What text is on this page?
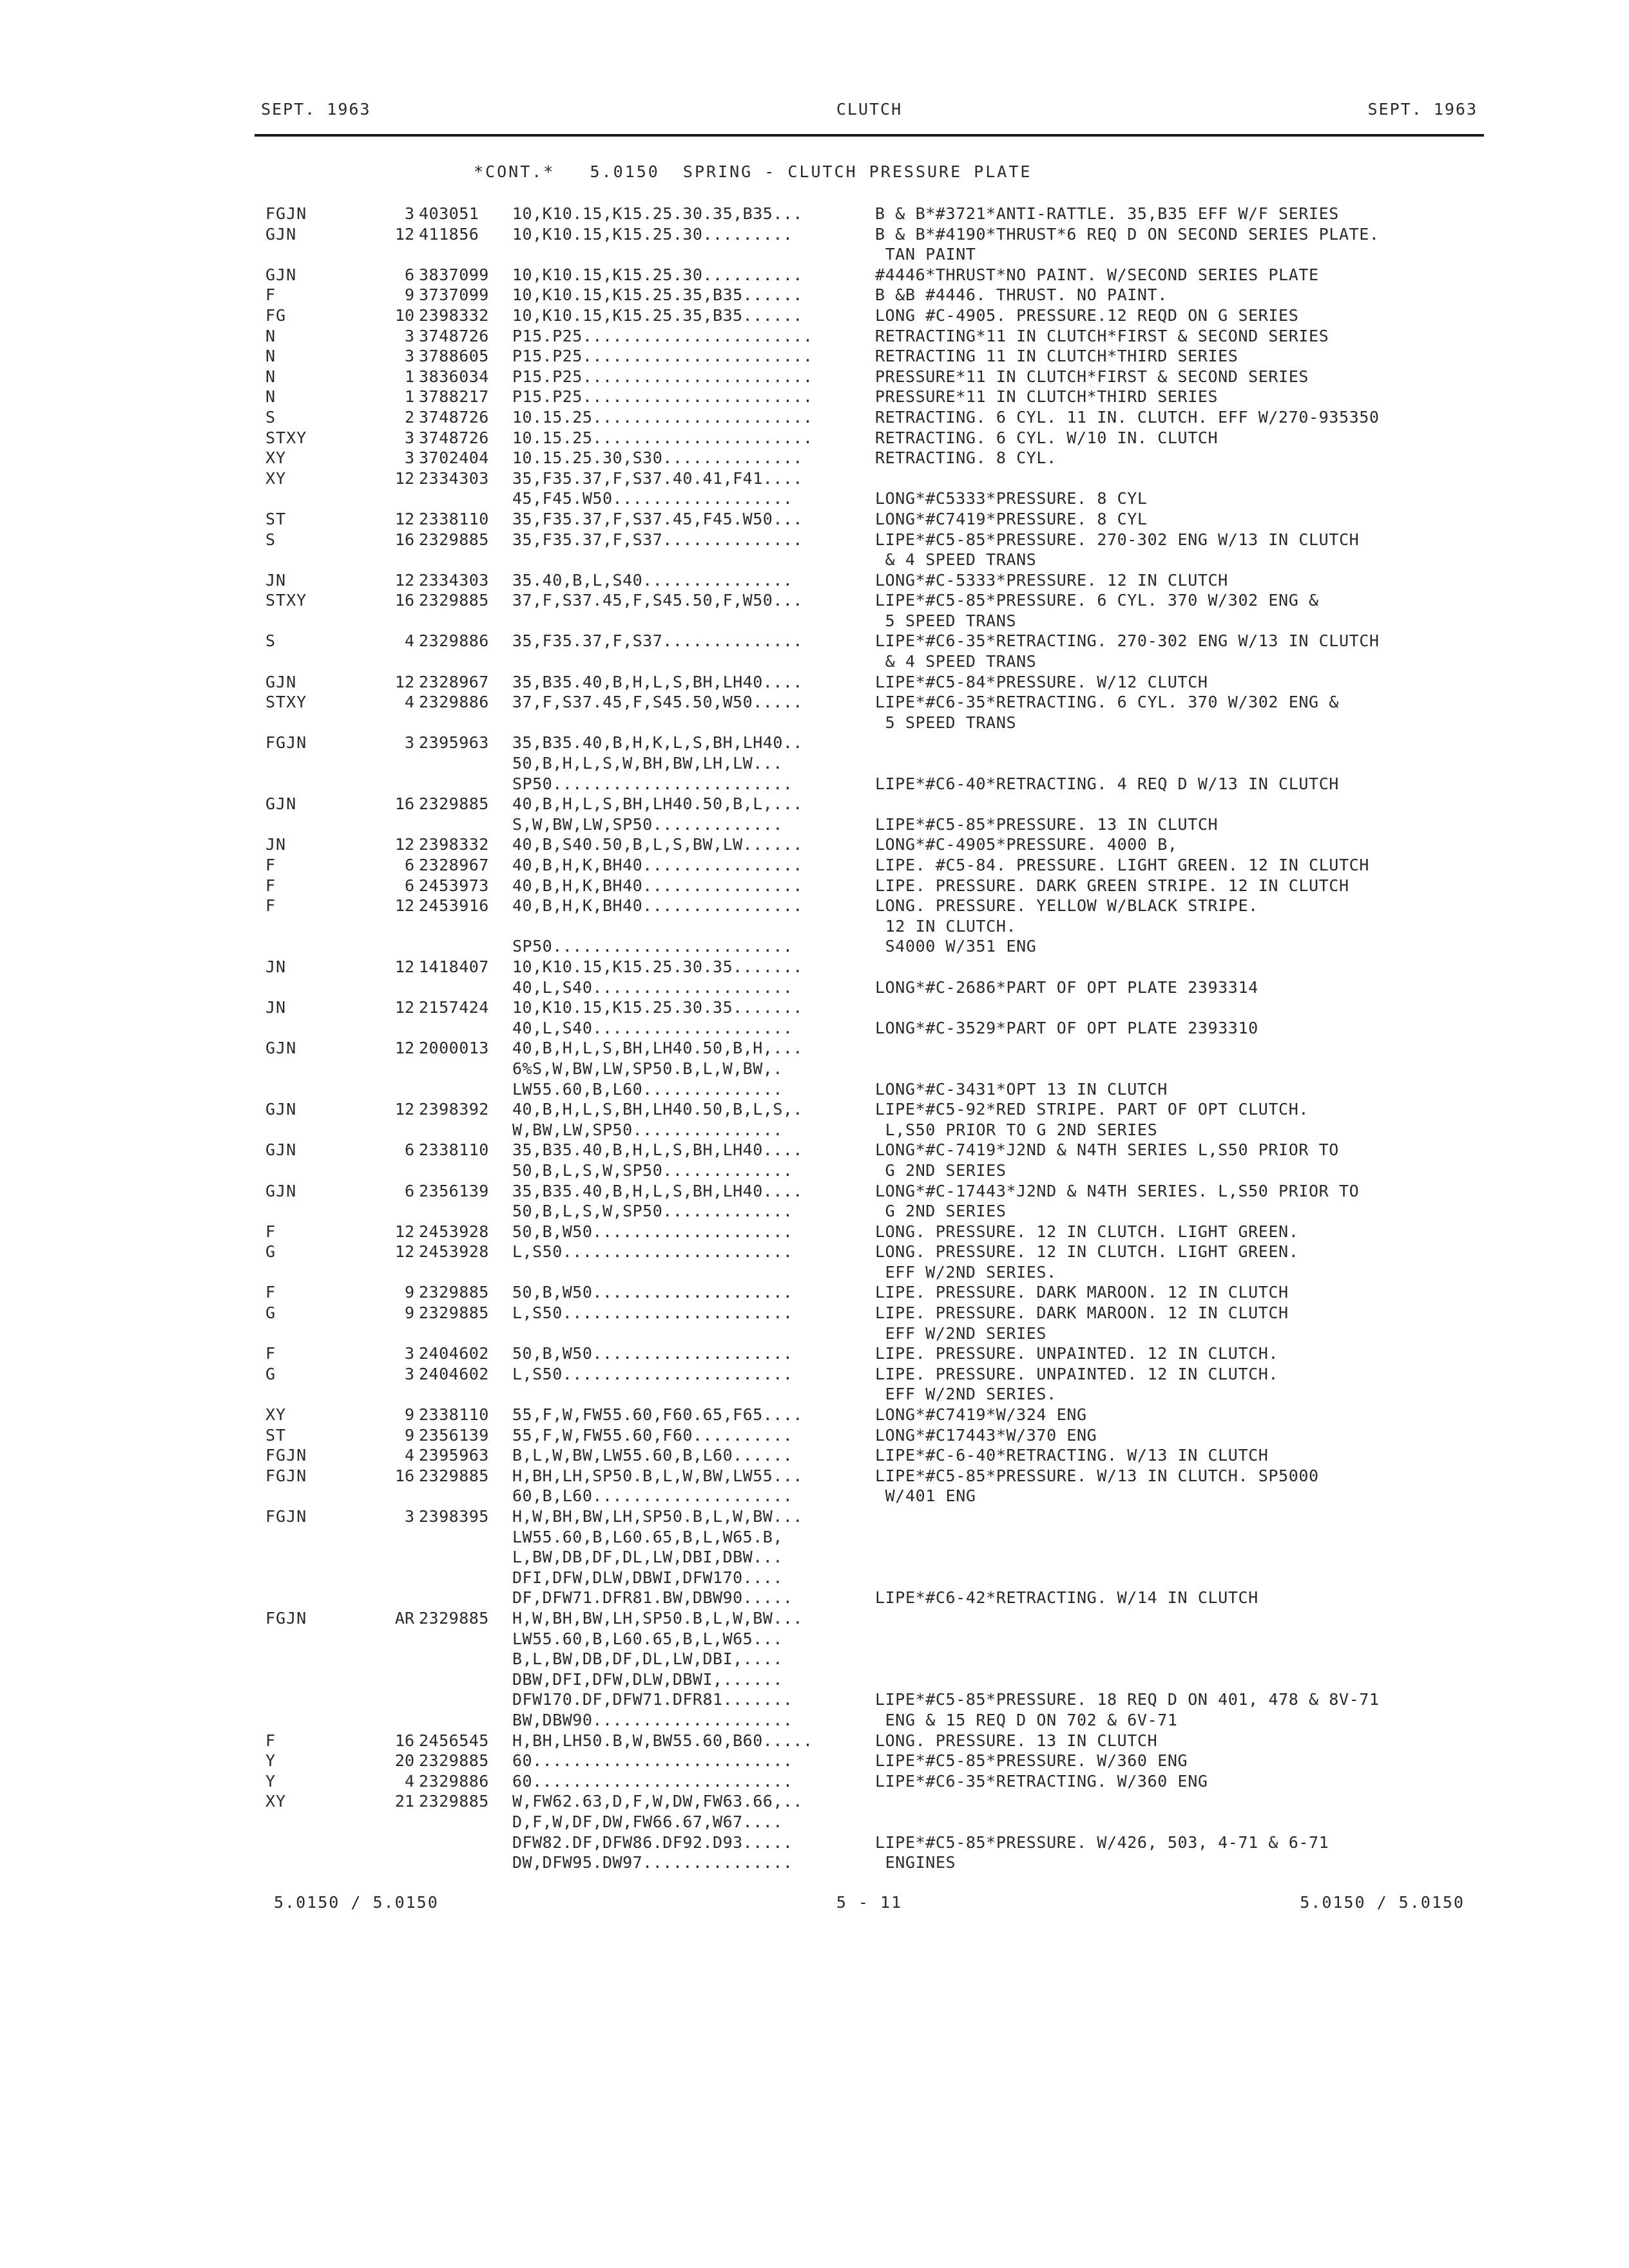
SEPT. 1963	CLUTCH	SEPT. 1963
*CONT.*   5.0150  SPRING - CLUTCH PRESSURE PLATE
FGJN	3 403051 10,K10.15,K15.25.30.35,B35...	B & B*#3721*ANTI-RATTLE. 35,B35 EFF W/F SERIES
GJN	12 411856 10,K10.15,K15.25.30.........	B & B*#4190*THRUST*6 REQ D ON SECOND SERIES PLATE.
TAN PAINT
GJN	6 3837099 10,K10.15,K15.25.30..........	#4446*THRUST*NO PAINT. W/SECOND SERIES PLATE
F	9 3737099 10,K10.15,K15.25.35,B35......	B &B #4446. THRUST. NO PAINT.
FG	10 2398332 10,K10.15,K15.25.35,B35......	LONG #C-4905. PRESSURE.12 REQD ON G SERIES
N	3 3748726 P15.P25.......................	RETRACTING*11 IN CLUTCH*FIRST & SECOND SERIES
N	3 3788605 P15.P25.......................	RETRACTING 11 IN CLUTCH*THIRD SERIES
N	1 3836034 P15.P25.......................	PRESSURE*11 IN CLUTCH*FIRST & SECOND SERIES
N	1 3788217 P15.P25.......................	PRESSURE*11 IN CLUTCH*THIRD SERIES
S	2 3748726 10.15.25......................	RETRACTING. 6 CYL. 11 IN. CLUTCH. EFF W/270-935350
STXY	3 3748726 10.15.25......................	RETRACTING. 6 CYL. W/10 IN. CLUTCH
XY	3 3702404 10.15.25.30,S30..............	RETRACTING. 8 CYL.
XY	12 2334303 35,F35.37,F,S37.40.41,F41....
45,F45.W50..................	LONG*#C5333*PRESSURE. 8 CYL
ST	12 2338110 35,F35.37,F,S37.45,F45.W50...	LONG*#C7419*PRESSURE. 8 CYL
S	16 2329885 35,F35.37,F,S37..............	LIPE*#C5-85*PRESSURE. 270-302 ENG W/13 IN CLUTCH
& 4 SPEED TRANS
JN	12 2334303 35.40,B,L,S40...............	LONG*#C-5333*PRESSURE. 12 IN CLUTCH
STXY	16 2329885 37,F,S37.45,F,S45.50,F,W50...	LIPE*#C5-85*PRESSURE. 6 CYL. 370 W/302 ENG &
5 SPEED TRANS
S	4 2329886 35,F35.37,F,S37..............	LIPE*#C6-35*RETRACTING. 270-302 ENG W/13 IN CLUTCH
& 4 SPEED TRANS
GJN	12 2328967 35,B35.40,B,H,L,S,BH,LH40....	LIPE*#C5-84*PRESSURE. W/12 CLUTCH
STXY	4 2329886 37,F,S37.45,F,S45.50,W50.....	LIPE*#C6-35*RETRACTING. 6 CYL. 370 W/302 ENG &
5 SPEED TRANS
FGJN	3 2395963 35,B35.40,B,H,K,L,S,BH,LH40..
50,B,H,L,S,W,BH,BW,LH,LW...
SP50........................	LIPE*#C6-40*RETRACTING. 4 REQ D W/13 IN CLUTCH
GJN	16 2329885 40,B,H,L,S,BH,LH40.50,B,L,...
S,W,BW,LW,SP50.............	LIPE*#C5-85*PRESSURE. 13 IN CLUTCH
JN	12 2398332 40,B,S40.50,B,L,S,BW,LW......	LONG*#C-4905*PRESSURE. 4000 B,
F	6 2328967 40,B,H,K,BH40................	LIPE. #C5-84. PRESSURE. LIGHT GREEN. 12 IN CLUTCH
F	6 2453973 40,B,H,K,BH40................	LIPE. PRESSURE. DARK GREEN STRIPE. 12 IN CLUTCH
F	12 2453916 40,B,H,K,BH40................	LONG. PRESSURE. YELLOW W/BLACK STRIPE.
12 IN CLUTCH.
SP50........................	S4000 W/351 ENG
JN	12 1418407 10,K10.15,K15.25.30.35.......
40,L,S40....................	LONG*#C-2686*PART OF OPT PLATE 2393314
JN	12 2157424 10,K10.15,K15.25.30.35.......
40,L,S40....................	LONG*#C-3529*PART OF OPT PLATE 2393310
GJN	12 2000013 40,B,H,L,S,BH,LH40.50,B,H,...
6%S,W,BW,LW,SP50.B,L,W,BW,.
LW55.60,B,L60..............	LONG*#C-3431*OPT 13 IN CLUTCH
GJN	12 2398392 40,B,H,L,S,BH,LH40.50,B,L,S,.	LIPE*#C5-92*RED STRIPE. PART OF OPT CLUTCH.
W,BW,LW,SP50...............	L,S50 PRIOR TO G 2ND SERIES
GJN	6 2338110 35,B35.40,B,H,L,S,BH,LH40....	LONG*#C-7419*J2ND & N4TH SERIES L,S50 PRIOR TO
50,B,L,S,W,SP50.............	G 2ND SERIES
GJN	6 2356139 35,B35.40,B,H,L,S,BH,LH40....	LONG*#C-17443*J2ND & N4TH SERIES. L,S50 PRIOR TO
50,B,L,S,W,SP50.............	G 2ND SERIES
F	12 2453928 50,B,W50....................	LONG. PRESSURE. 12 IN CLUTCH. LIGHT GREEN.
G	12 2453928 L,S50.......................	LONG. PRESSURE. 12 IN CLUTCH. LIGHT GREEN.
EFF W/2ND SERIES.
F	9 2329885 50,B,W50....................	LIPE. PRESSURE. DARK MAROON. 12 IN CLUTCH
G	9 2329885 L,S50.......................	LIPE. PRESSURE. DARK MAROON. 12 IN CLUTCH
EFF W/2ND SERIES
F	3 2404602 50,B,W50....................	LIPE. PRESSURE. UNPAINTED. 12 IN CLUTCH.
G	3 2404602 L,S50.......................	LIPE. PRESSURE. UNPAINTED. 12 IN CLUTCH.
EFF W/2ND SERIES.
XY	9 2338110 55,F,W,FW55.60,F60.65,F65....	LONG*#C7419*W/324 ENG
ST	9 2356139 55,F,W,FW55.60,F60..........	LONG*#C17443*W/370 ENG
FGJN	4 2395963 B,L,W,BW,LW55.60,B,L60......	LIPE*#C-6-40*RETRACTING. W/13 IN CLUTCH
FGJN	16 2329885 H,BH,LH,SP50.B,L,W,BW,LW55...	LIPE*#C5-85*PRESSURE. W/13 IN CLUTCH. SP5000
60,B,L60....................	W/401 ENG
FGJN	3 2398395 H,W,BH,BW,LH,SP50.B,L,W,BW...
LW55.60,B,L60.65,B,L,W65.B,
L,BW,DB,DF,DL,LW,DBI,DBW...
DFI,DFW,DLW,DBWI,DFW170....
DF,DFW71.DFR81.BW,DBW90.....	LIPE*#C6-42*RETRACTING. W/14 IN CLUTCH
FGJN	AR 2329885 H,W,BH,BW,LH,SP50.B,L,W,BW...
LW55.60,B,L60.65,B,L,W65...
B,L,BW,DB,DF,DL,LW,DBI,....
DBW,DFI,DFW,DLW,DBWI,......
DFW170.DF,DFW71.DFR81.......	LIPE*#C5-85*PRESSURE. 18 REQ D ON 401, 478 & 8V-71
BW,DBW90....................	ENG & 15 REQ D ON 702 & 6V-71
F	16 2456545 H,BH,LH50.B,W,BW55.60,B60.....	LONG. PRESSURE. 13 IN CLUTCH
Y	20 2329885 60..........................	LIPE*#C5-85*PRESSURE. W/360 ENG
Y	4 2329886 60..........................	LIPE*#C6-35*RETRACTING. W/360 ENG
XY	21 2329885 W,FW62.63,D,F,W,DW,FW63.66,..
D,F,W,DF,DW,FW66.67,W67....
DFW82.DF,DFW86.DF92.D93.....	LIPE*#C5-85*PRESSURE. W/426, 503, 4-71 & 6-71
DW,DFW95.DW97...............	ENGINES
5.0150 / 5.0150	5 - 11	5.0150 / 5.0150
